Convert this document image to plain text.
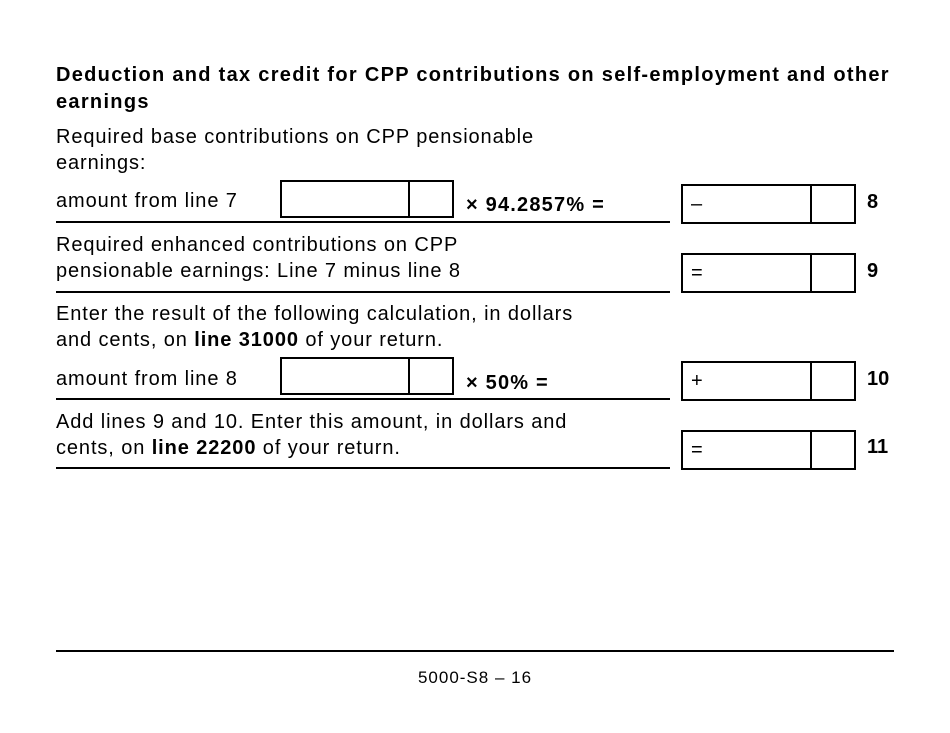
Deduction and tax credit for CPP contributions on self-employment and other earnings
Required base contributions on CPP pensionable
earnings:
amount from line 7	× 94.2857% =	–	8
Required enhanced contributions on CPP
pensionable earnings: Line 7 minus line 8	=	9
Enter the result of the following calculation, in dollars
and cents, on line 31000 of your return.
amount from line 8	× 50% =	+	10
Add lines 9 and 10. Enter this amount, in dollars and
cents, on line 22200 of your return.	=	11
5000-S8 – 16
